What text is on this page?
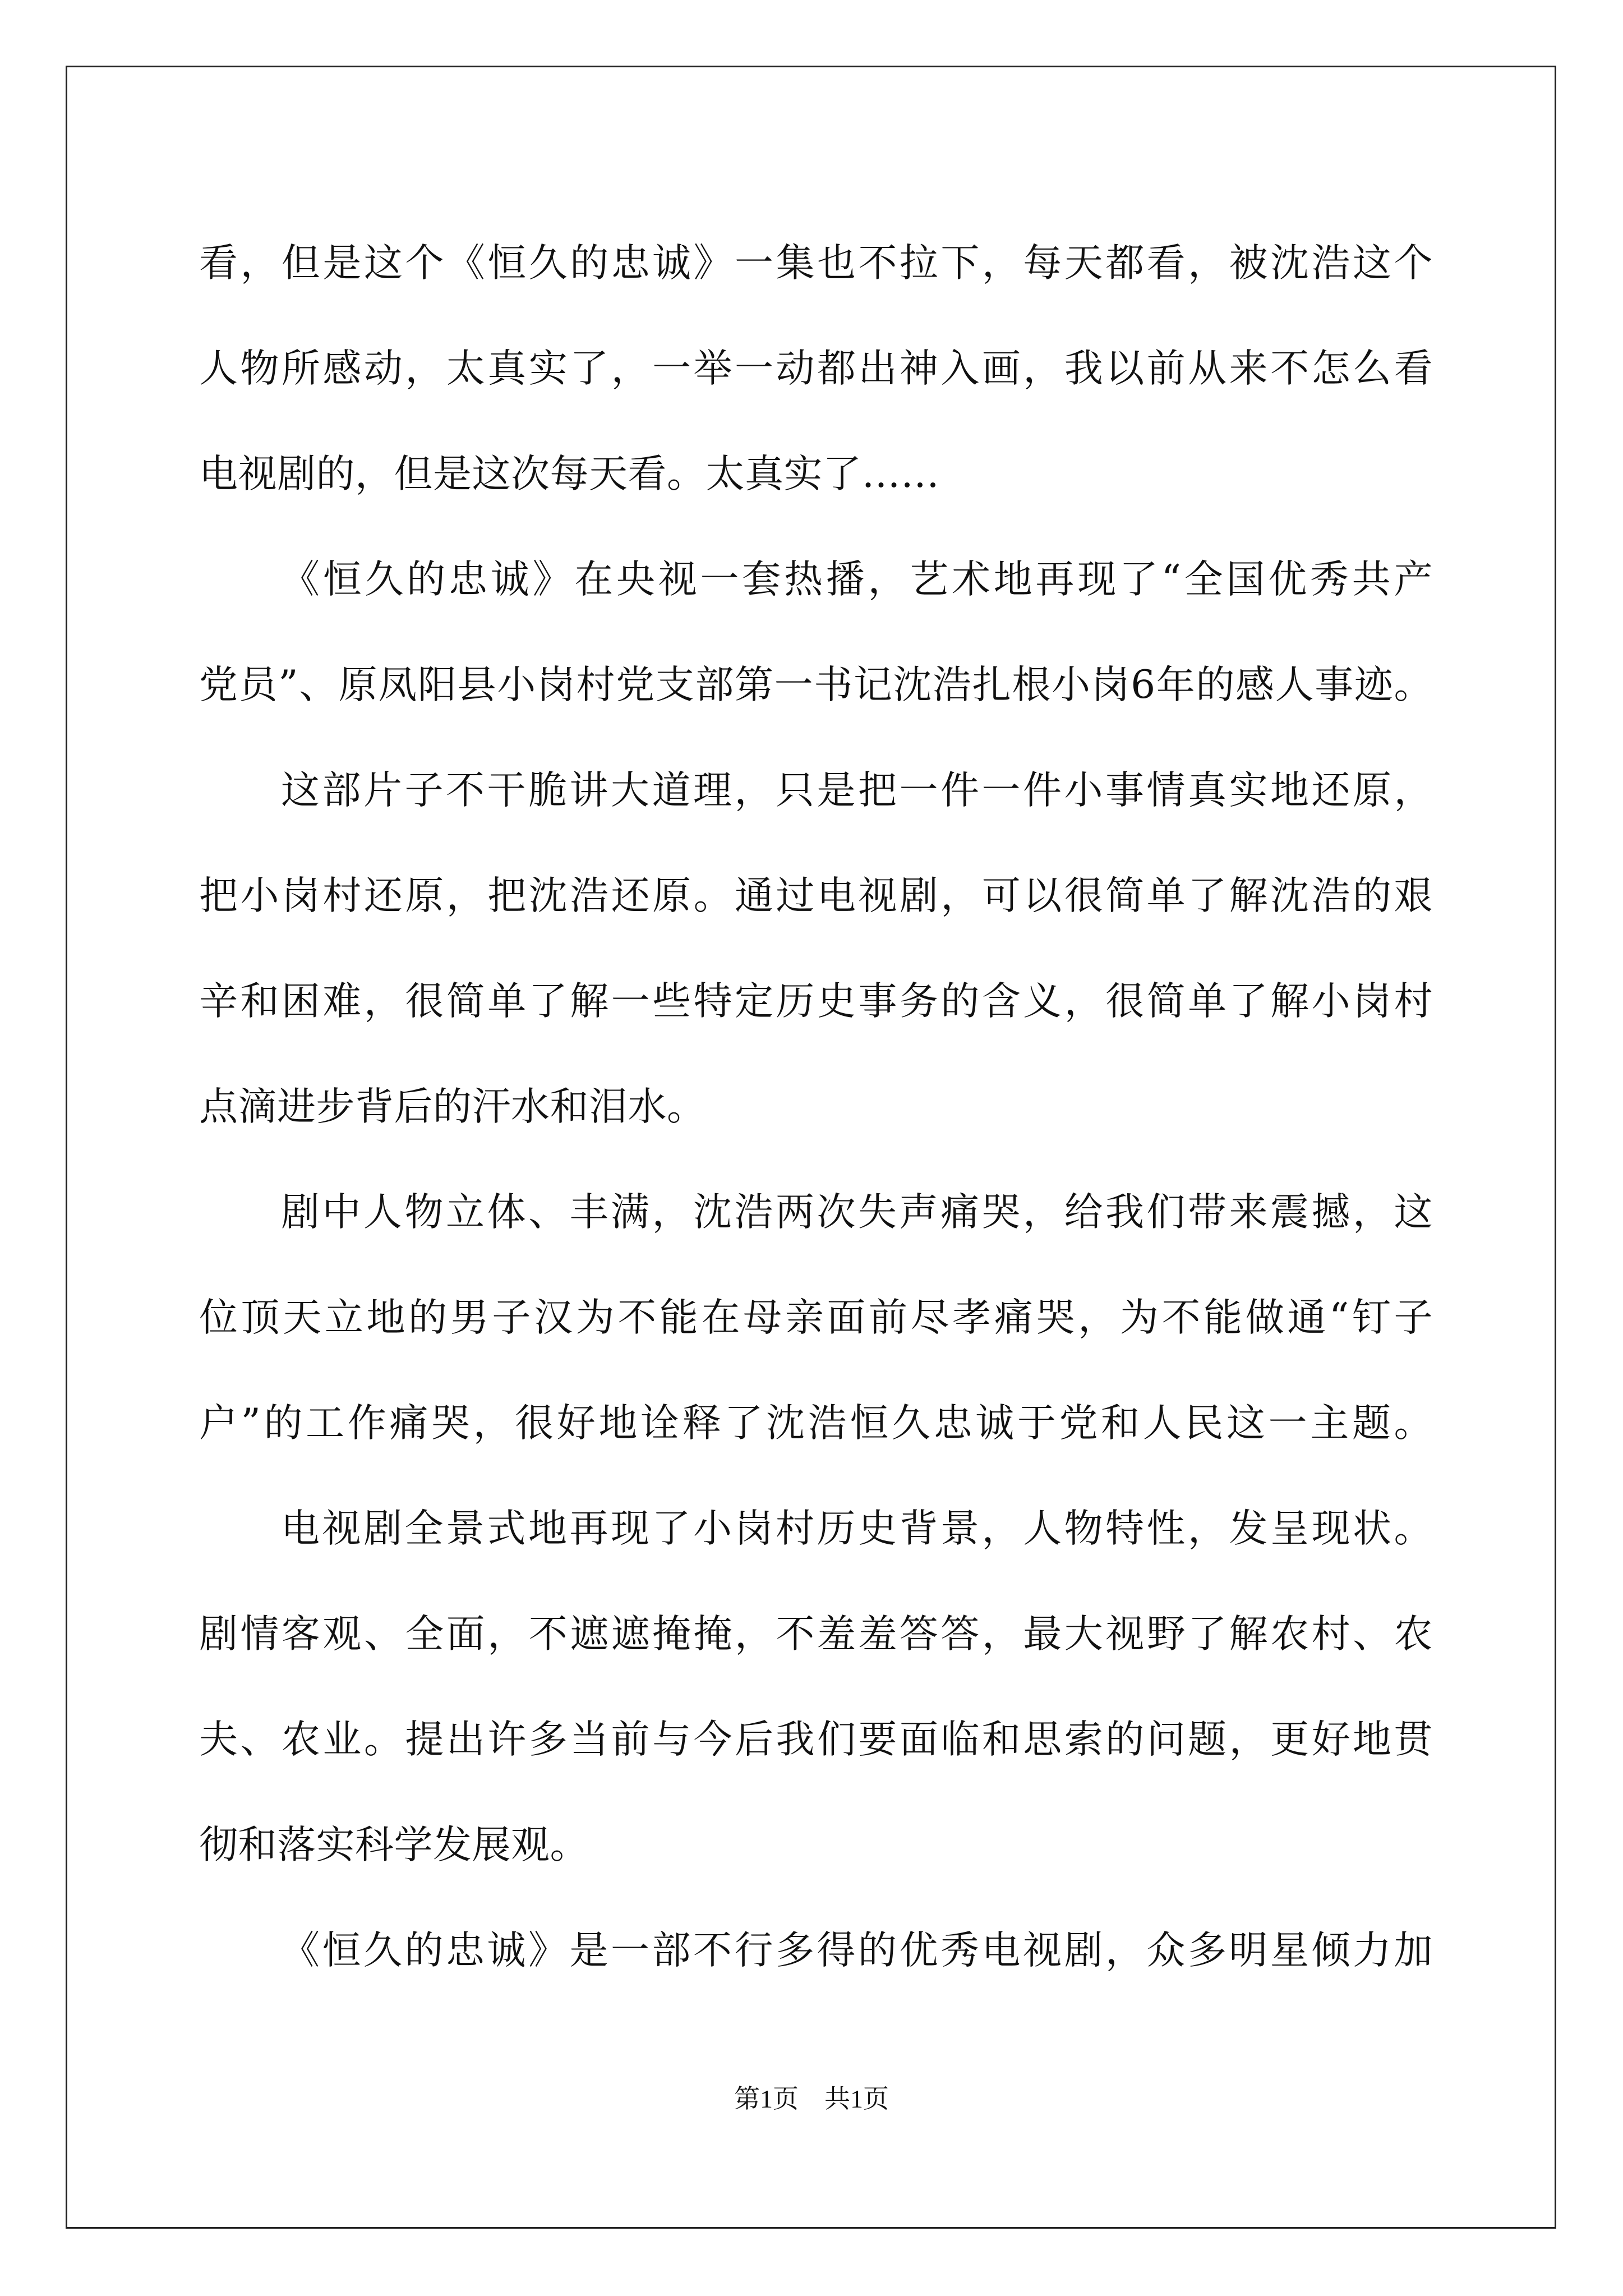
看，但是这个《恒久的忠诚》一集也不拉下，每天都看，被沈浩这个
人物所感动，太真实了，一举一动都出神入画，我以前从来不怎么看
电视剧的，但是这次每天看。太真实了……
《恒久的忠诚》在央视一套热播，艺术地再现了“全国优秀共产
党员”、原凤阳县小岗村党支部第一书记沈浩扎根小岗6年的感人事迹。
这部片子不干脆讲大道理，只是把一件一件小事情真实地还原，
把小岗村还原，把沈浩还原。通过电视剧，可以很简单了解沈浩的艰
辛和困难，很简单了解一些特定历史事务的含义，很简单了解小岗村
点滴进步背后的汗水和泪水。
剧中人物立体、丰满，沈浩两次失声痛哭，给我们带来震撼，这
位顶天立地的男子汉为不能在母亲面前尽孝痛哭，为不能做通“钉子
户”的工作痛哭，很好地诠释了沈浩恒久忠诚于党和人民这一主题。
电视剧全景式地再现了小岗村历史背景，人物特性，发呈现状。
剧情客观、全面，不遮遮掩掩，不羞羞答答，最大视野了解农村、农
夫、农业。提出许多当前与今后我们要面临和思索的问题，更好地贯
彻和落实科学发展观。
《恒久的忠诚》是一部不行多得的优秀电视剧，众多明星倾力加
第1页　共1页
